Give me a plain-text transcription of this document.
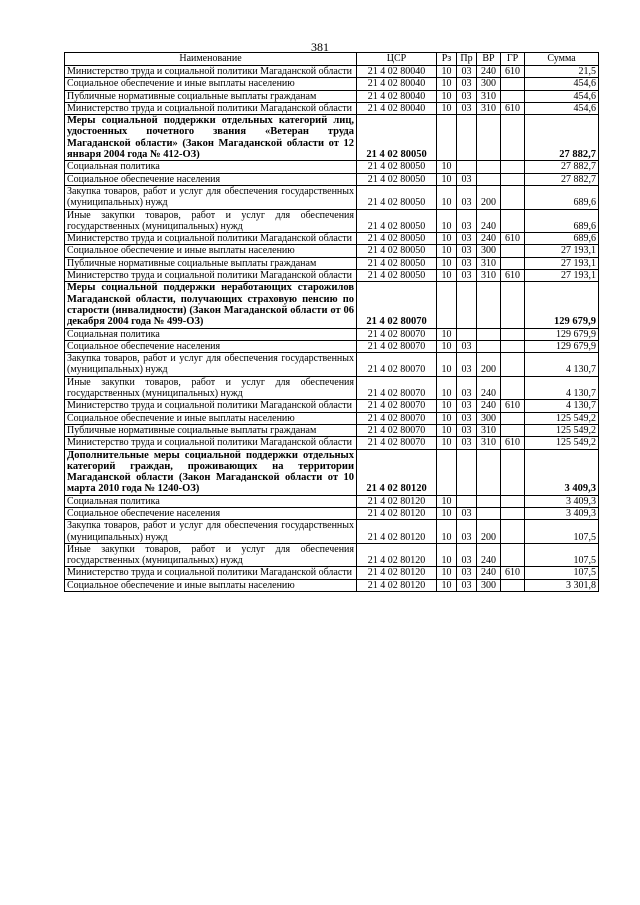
381
Наименование	ЦСР	Рз	Пр	ВР	ГР	Сумма
Министерство труда и социальной политики Магаданской области	21 4 02 80040	10	03	240	610	21,5
Социальное обеспечение и иные выплаты населению	21 4 02 80040	10	03	300		454,6
Публичные нормативные социальные выплаты гражданам	21 4 02 80040	10	03	310		454,6
Министерство труда и социальной политики Магаданской области	21 4 02 80040	10	03	310	610	454,6
Меры социальной поддержки отдельных категорий лиц, удостоенных почетного звания «Ветеран труда Магаданской области» (Закон Магаданской области от 12 января 2004 года № 412-ОЗ)	21 4 02 80050					27 882,7
Социальная политика	21 4 02 80050	10				27 882,7
Социальное обеспечение населения	21 4 02 80050	10	03			27 882,7
Закупка товаров, работ и услуг для обеспечения государственных (муниципальных) нужд	21 4 02 80050	10	03	200		689,6
Иные закупки товаров, работ и услуг для обеспечения государственных (муниципальных) нужд	21 4 02 80050	10	03	240		689,6
Министерство труда и социальной политики Магаданской области	21 4 02 80050	10	03	240	610	689,6
Социальное обеспечение и иные выплаты населению	21 4 02 80050	10	03	300		27 193,1
Публичные нормативные социальные выплаты гражданам	21 4 02 80050	10	03	310		27 193,1
Министерство труда и социальной политики Магаданской области	21 4 02 80050	10	03	310	610	27 193,1
Меры социальной поддержки неработающих старожилов Магаданской области, получающих страховую пенсию по старости (инвалидности) (Закон Магаданской области от 06 декабря 2004 года № 499-ОЗ)	21 4 02 80070					129 679,9
Социальная политика	21 4 02 80070	10				129 679,9
Социальное обеспечение населения	21 4 02 80070	10	03			129 679,9
Закупка товаров, работ и услуг для обеспечения государственных (муниципальных) нужд	21 4 02 80070	10	03	200		4 130,7
Иные закупки товаров, работ и услуг для обеспечения государственных (муниципальных) нужд	21 4 02 80070	10	03	240		4 130,7
Министерство труда и социальной политики Магаданской области	21 4 02 80070	10	03	240	610	4 130,7
Социальное обеспечение и иные выплаты населению	21 4 02 80070	10	03	300		125 549,2
Публичные нормативные социальные выплаты гражданам	21 4 02 80070	10	03	310		125 549,2
Министерство труда и социальной политики Магаданской области	21 4 02 80070	10	03	310	610	125 549,2
Дополнительные меры социальной поддержки отдельных категорий граждан, проживающих на территории Магаданской области (Закон Магаданской области от 10 марта 2010 года № 1240-ОЗ)	21 4 02 80120					3 409,3
Социальная политика	21 4 02 80120	10				3 409,3
Социальное обеспечение населения	21 4 02 80120	10	03			3 409,3
Закупка товаров, работ и услуг для обеспечения государственных (муниципальных) нужд	21 4 02 80120	10	03	200		107,5
Иные закупки товаров, работ и услуг для обеспечения государственных (муниципальных) нужд	21 4 02 80120	10	03	240		107,5
Министерство труда и социальной политики Магаданской области	21 4 02 80120	10	03	240	610	107,5
Социальное обеспечение и иные выплаты населению	21 4 02 80120	10	03	300		3 301,8
